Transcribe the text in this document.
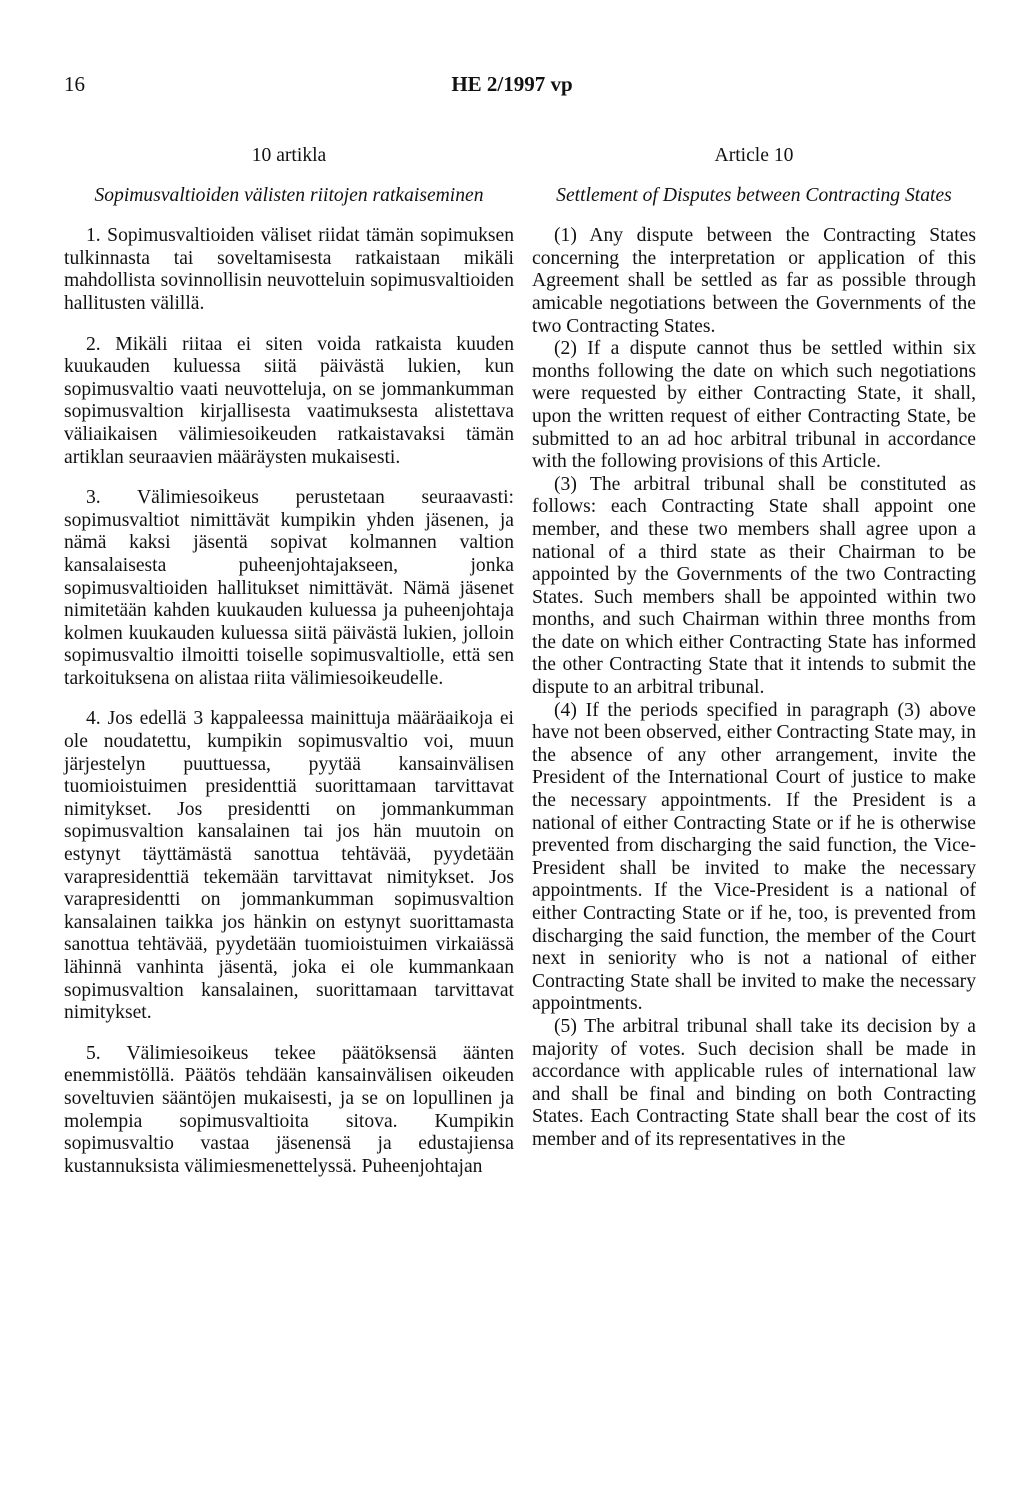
16	HE 2/1997 vp
10 artikla
Sopimusvaltioiden välisten riitojen ratkaiseminen

1. Sopimusvaltioiden väliset riidat tämän sopimuksen tulkinnasta tai soveltamisesta ratkaistaan mikäli mahdollista sovinnollisin neuvotteluin sopimusvaltioiden hallitusten välillä.

2. Mikäli riitaa ei siten voida ratkaista kuuden kuukauden kuluessa siitä päivästä lukien, kun sopimusvaltio vaati neuvotteluja, on se jommankumman sopimusvaltion kirjallisesta vaatimuksesta alistettava väliaikaisen välimiesoikeuden ratkaistavaksi tämän artiklan seuraavien määräysten mukaisesti.

3. Välimiesoikeus perustetaan seuraavasti: sopimusvaltiot nimittävät kumpikin yhden jäsenen, ja nämä kaksi jäsentä sopivat kolmannen valtion kansalaisesta puheenjohtajakseen, jonka sopimusvaltioiden hallitukset nimittävät. Nämä jäsenet nimitetään kahden kuukauden kuluessa ja puheenjohtaja kolmen kuukauden kuluessa siitä päivästä lukien, jolloin sopimusvaltio ilmoitti toiselle sopimusvaltiolle, että sen tarkoituksena on alistaa riita välimiesoikeudelle.

4. Jos edellä 3 kappaleessa mainittuja määräaikoja ei ole noudatettu, kumpikin sopimusvaltio voi, muun järjestelyn puuttuessa, pyytää kansainvälisen tuomioistuimen presidenttiä suorittamaan tarvittavat nimitykset. Jos presidentti on jommankumman sopimusvaltion kansalainen tai jos hän muutoin on estynyt täyttämästä sanottua tehtävää, pyydetään varapresidenttiä tekemään tarvittavat nimitykset. Jos varapresidentti on jommankumman sopimusvaltion kansalainen taikka jos hänkin on estynyt suorittamasta sanottua tehtävää, pyydetään tuomioistuimen virkaiässä lähinnä vanhinta jäsentä, joka ei ole kummankaan sopimusvaltion kansalainen, suorittamaan tarvittavat nimitykset.

5. Välimiesoikeus tekee päätöksensä äänten enemmistöllä. Päätös tehdään kansainvälisen oikeuden soveltuvien sääntöjen mukaisesti, ja se on lopullinen ja molempia sopimusvaltioita sitova. Kumpikin sopimusvaltio vastaa jäsenensä ja edustajiensa kustannuksista välimiesmenettelyssä. Puheenjohtajan

Article 10
Settlement of Disputes between Contracting States

(1) Any dispute between the Contracting States concerning the interpretation or application of this Agreement shall be settled as far as possible through amicable negotiations between the Governments of the two Contracting States.

(2) If a dispute cannot thus be settled within six months following the date on which such negotiations were requested by either Contracting State, it shall, upon the written request of either Contracting State, be submitted to an ad hoc arbitral tribunal in accordance with the following provisions of this Article.

(3) The arbitral tribunal shall be constituted as follows: each Contracting State shall appoint one member, and these two members shall agree upon a national of a third state as their Chairman to be appointed by the Governments of the two Contracting States. Such members shall be appointed within two months, and such Chairman within three months from the date on which either Contracting State has informed the other Contracting State that it intends to submit the dispute to an arbitral tribunal.

(4) If the periods specified in paragraph (3) above have not been observed, either Contracting State may, in the absence of any other arrangement, invite the President of the International Court of justice to make the necessary appointments. If the President is a national of either Contracting State or if he is otherwise prevented from discharging the said function, the Vice-President shall be invited to make the necessary appointments. If the Vice-President is a national of either Contracting State or if he, too, is prevented from discharging the said function, the member of the Court next in seniority who is not a national of either Contracting State shall be invited to make the necessary appointments.

(5) The arbitral tribunal shall take its decision by a majority of votes. Such decision shall be made in accordance with applicable rules of international law and shall be final and binding on both Contracting States. Each Contracting State shall bear the cost of its member and of its representatives in the
